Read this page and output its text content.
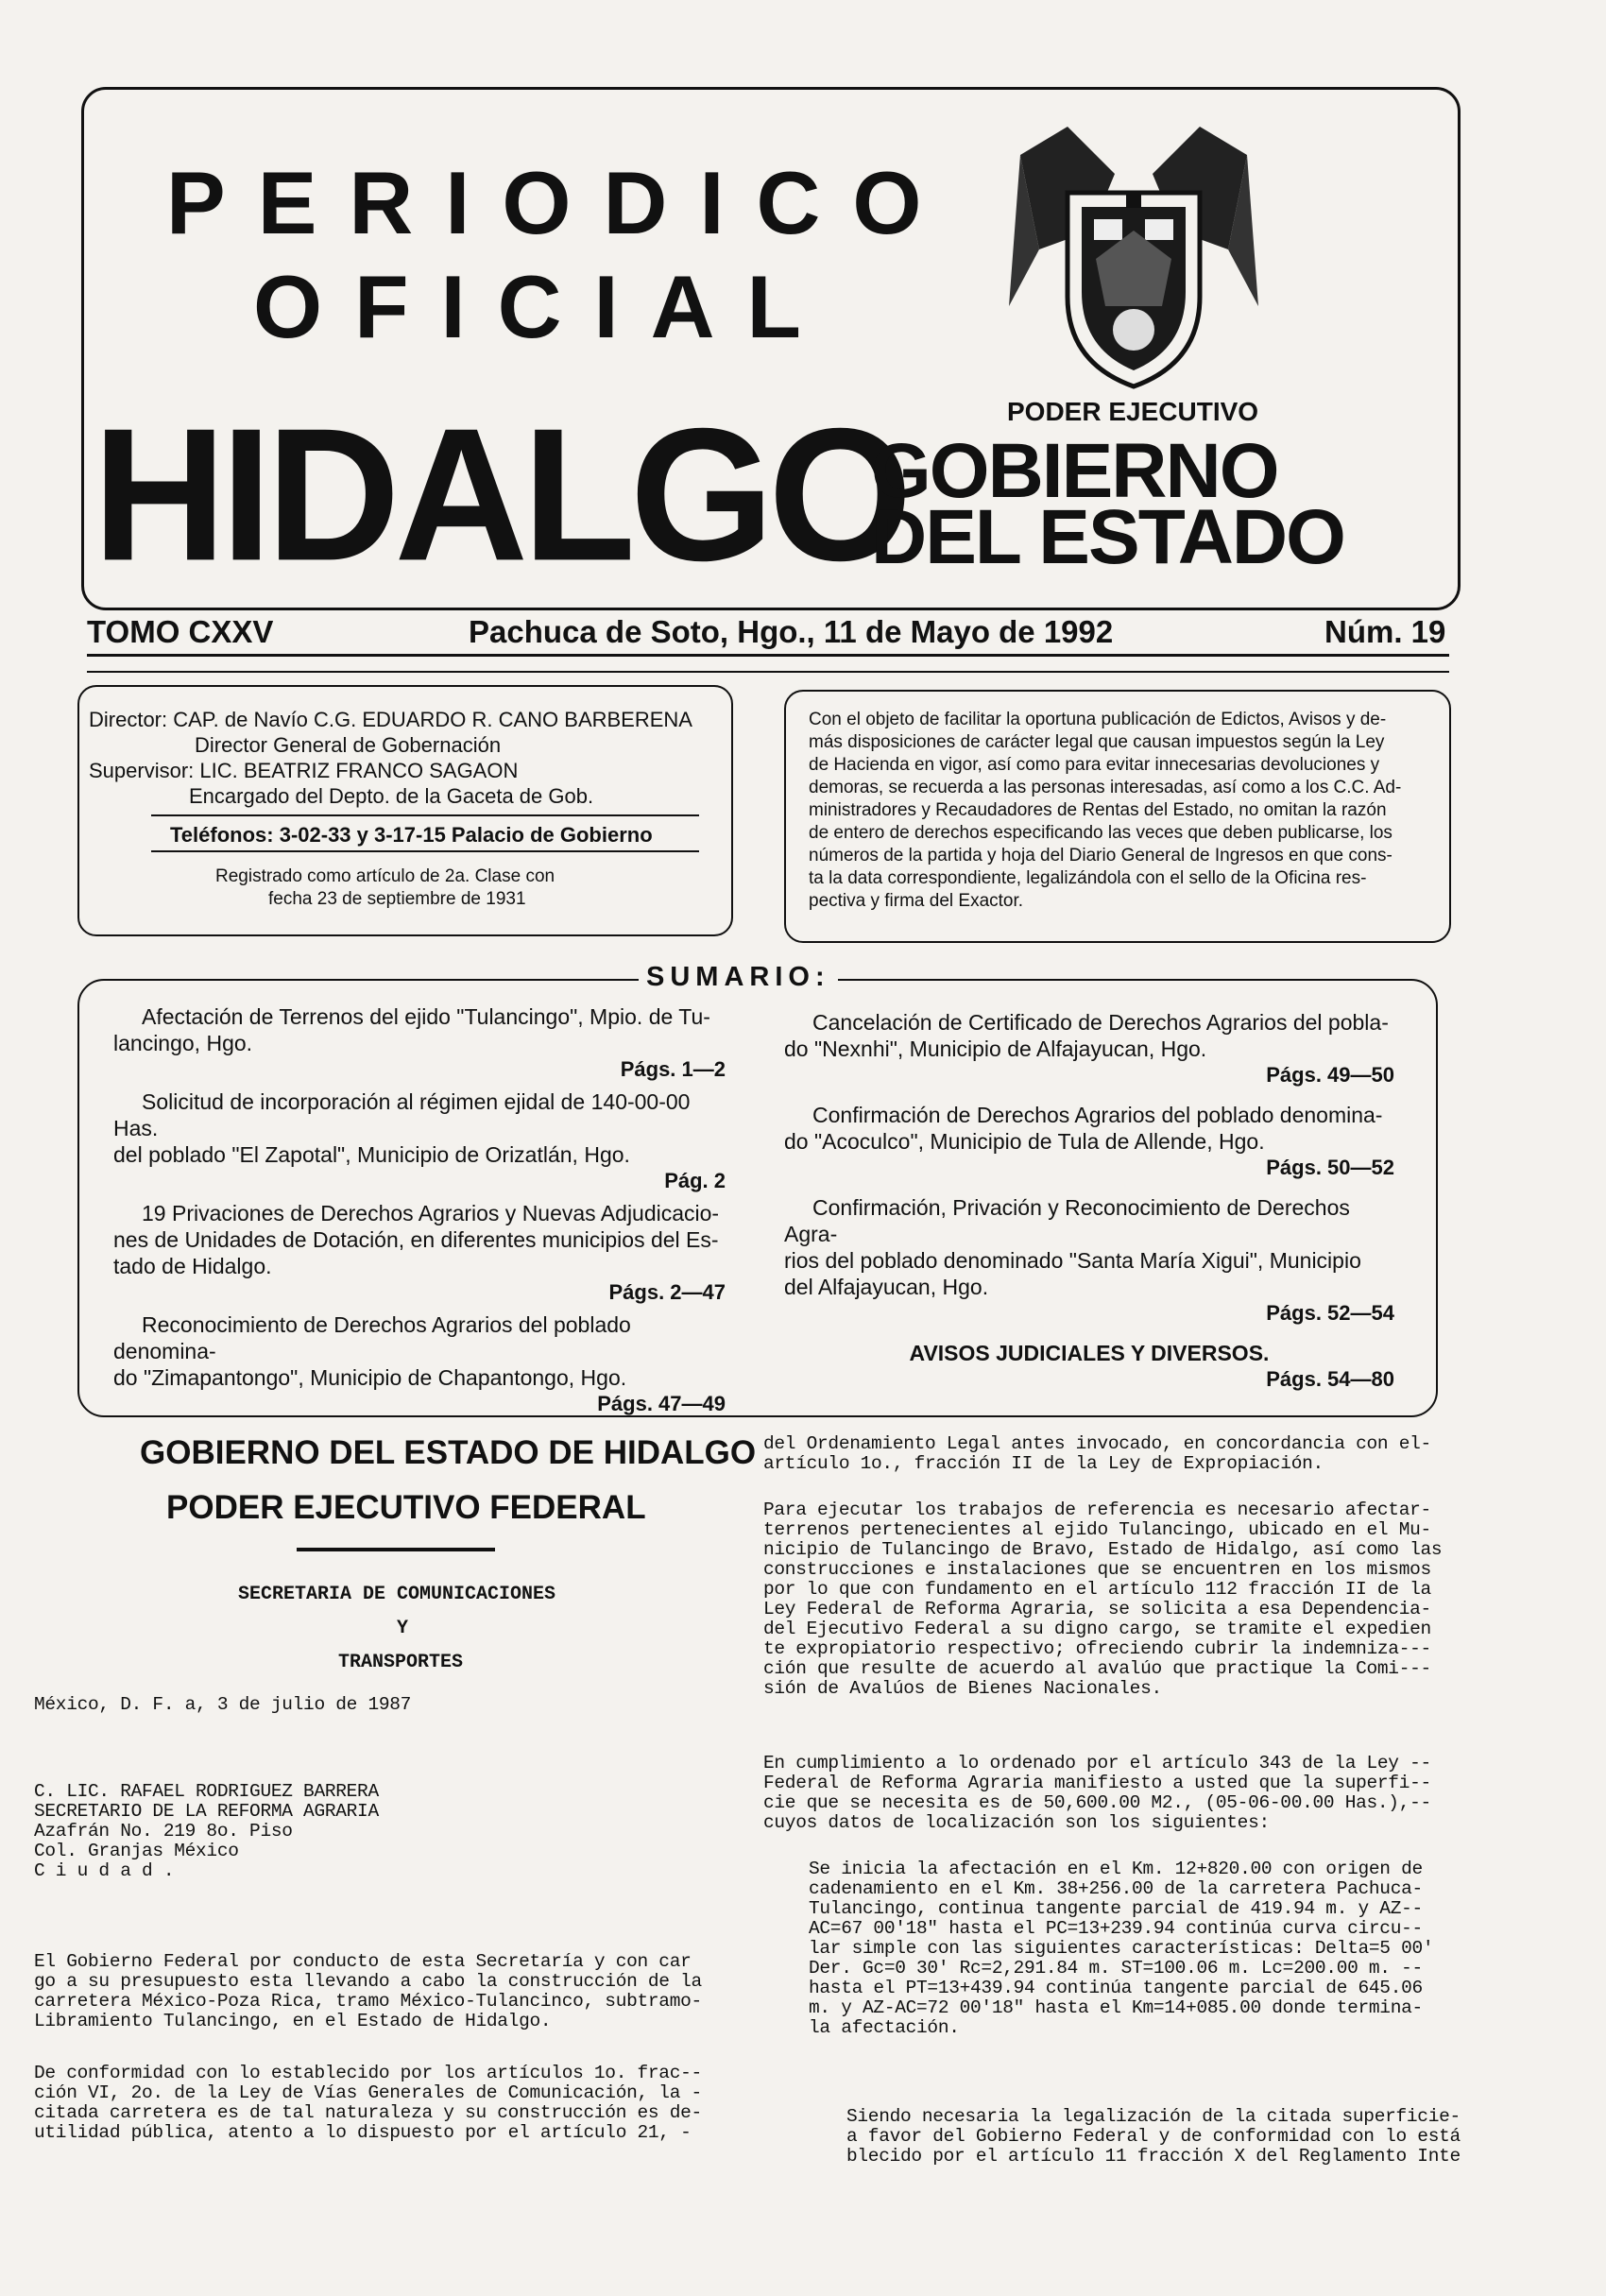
PERIODICO
OFICIAL
HIDALGO	PODER EJECUTIVO
GOBIERNO
DEL ESTADO
TOMO CXXV	Pachuca de Soto, Hgo., 11 de Mayo de 1992	Núm. 19
Director: CAP. de Navío C.G. EDUARDO R. CANO BARBERENA
Director General de Gobernación
Supervisor: LIC. BEATRIZ FRANCO SAGAON
Encargado del Depto. de la Gaceta de Gob.
Teléfonos: 3-02-33 y 3-17-15 Palacio de Gobierno
Registrado como artículo de 2a. Clase con
fecha 23 de septiembre de 1931
Con el objeto de facilitar la oportuna publicación de Edictos, Avisos y de-
más disposiciones de carácter legal que causan impuestos según la Ley
de Hacienda en vigor, así como para evitar innecesarias devoluciones y
demoras, se recuerda a las personas interesadas, así como a los C.C. Ad-
ministradores y Recaudadores de Rentas del Estado, no omitan la razón
de entero de derechos especificando las veces que deben publicarse, los
números de la partida y hoja del Diario General de Ingresos en que cons-
ta la data correspondiente, legalizándola con el sello de la Oficina res-
pectiva y firma del Exactor.
SUMARIO:
Afectación de Terrenos del ejido "Tulancingo", Mpio. de Tu-
lancingo, Hgo.
Págs. 1—2
Solicitud de incorporación al régimen ejidal de 140-00-00 Has.
del poblado "El Zapotal", Municipio de Orizatlán, Hgo.
Pág. 2
19 Privaciones de Derechos Agrarios y Nuevas Adjudicacio-
nes de Unidades de Dotación, en diferentes municipios del Es-
tado de Hidalgo.
Págs. 2—47
Reconocimiento de Derechos Agrarios del poblado denomina-
do "Zimapantongo", Municipio de Chapantongo, Hgo.
Págs. 47—49
Cancelación de Certificado de Derechos Agrarios del pobla-
do "Nexnhi", Municipio de Alfajayucan, Hgo.
Págs. 49—50
Confirmación de Derechos Agrarios del poblado denomina-
do "Acoculco", Municipio de Tula de Allende, Hgo.
Págs. 50—52
Confirmación, Privación y Reconocimiento de Derechos Agra-
rios del poblado denominado "Santa María Xigui", Municipio
del Alfajayucan, Hgo.
Págs. 52—54
AVISOS JUDICIALES Y DIVERSOS.
Págs. 54—80
GOBIERNO DEL ESTADO DE HIDALGO
PODER EJECUTIVO FEDERAL
SECRETARIA DE COMUNICACIONES
Y
TRANSPORTES
México, D. F. a, 3 de julio de 1987
C. LIC. RAFAEL RODRIGUEZ BARRERA
SECRETARIO DE LA REFORMA AGRARIA
Azafrán No. 219 8o. Piso
Col. Granjas México
C i u d a d .
El Gobierno Federal por conducto de esta Secretaría y con car
go a su presupuesto esta llevando a cabo la construcción de la
carretera México-Poza Rica, tramo México-Tulancinco, subtramo-
Libramiento Tulancingo, en el Estado de Hidalgo.
De conformidad con lo establecido por los artículos 1o. frac--
ción VI, 2o. de la Ley de Vías Generales de Comunicación, la -
citada carretera es de tal naturaleza y su construcción es de-
utilidad pública, atento a lo dispuesto por el artículo 21, -
del Ordenamiento Legal antes invocado, en concordancia con el-
artículo 1o., fracción II de la Ley de Expropiación.
Para ejecutar los trabajos de referencia es necesario afectar-
terrenos pertenecientes al ejido Tulancingo, ubicado en el Mu-
nicipio de Tulancingo de Bravo, Estado de Hidalgo, así como las
construcciones e instalaciones que se encuentren en los mismos
por lo que con fundamento en el artículo 112 fracción II de la
Ley Federal de Reforma Agraria, se solicita a esa Dependencia-
del Ejecutivo Federal a su digno cargo, se tramite el expedien
te expropiatorio respectivo; ofreciendo cubrir la indemniza---
ción que resulte de acuerdo al avalúo que practique la Comi---
sión de Avalúos de Bienes Nacionales.
En cumplimiento a lo ordenado por el artículo 343 de la Ley --
Federal de Reforma Agraria manifiesto a usted que la superfi--
cie que se necesita es de 50,600.00 M2., (05-06-00.00 Has.),--
cuyos datos de localización son los siguientes:
Se inicia la afectación en el Km. 12+820.00 con origen de
cadenamiento en el Km. 38+256.00 de la carretera Pachuca-
Tulancingo, continua tangente parcial de 419.94 m. y AZ--
AC=67 00'18" hasta el PC=13+239.94 continúa curva circu--
lar simple con las siguientes características: Delta=5 00'
Der. Gc=0 30' Rc=2,291.84 m. ST=100.06 m. Lc=200.00 m. --
hasta el PT=13+439.94 continúa tangente parcial de 645.06
m. y AZ-AC=72 00'18" hasta el Km=14+085.00 donde termina-
la afectación.
Siendo necesaria la legalización de la citada superficie-
a favor del Gobierno Federal y de conformidad con lo está
blecido por el artículo 11 fracción X del Reglamento Inte
